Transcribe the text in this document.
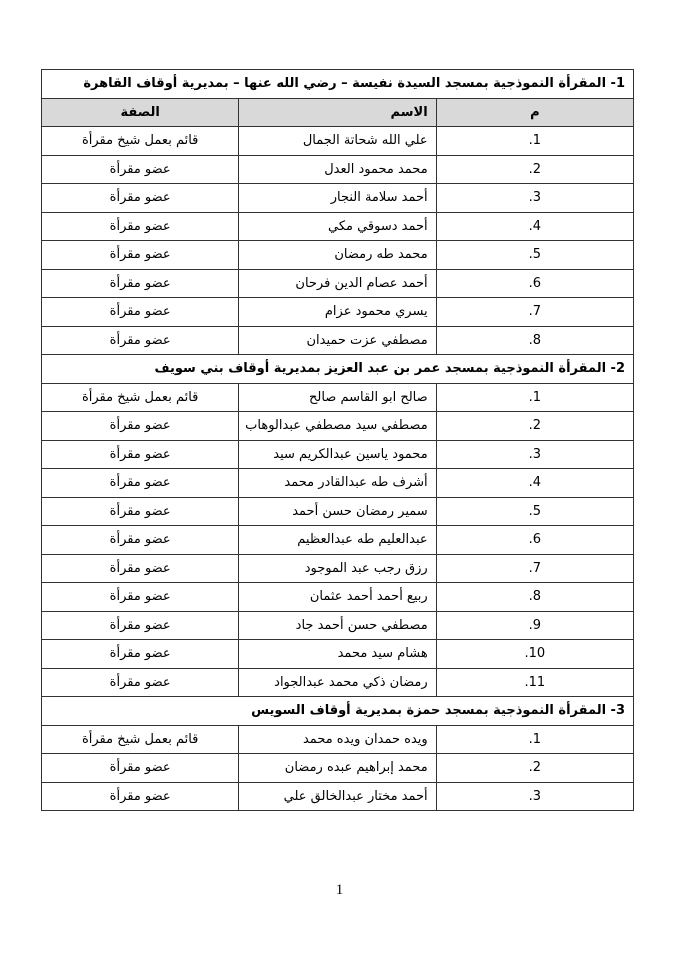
1- المقرأة النموذجية بمسجد السيدة نفيسة – رضي الله عنها – بمديرية أوقاف القاهرة		
م	الاسم	الصفة
1.	علي الله شحاتة الجمال	قائم بعمل شيخ مقرأة
2.	محمد محمود العدل	عضو مقرأة
3.	أحمد سلامة النجار	عضو مقرأة
4.	أحمد دسوقي مكي	عضو مقرأة
5.	محمد طه رمضان	عضو مقرأة
6.	أحمد عصام الدين فرحان	عضو مقرأة
7.	يسري محمود عزام	عضو مقرأة
8.	مصطفي عزت حميدان	عضو مقرأة
2- المقرأة النموذجية بمسجد عمر بن عبد العزيز بمديرية أوقاف بني سويف		
1.	صالح ابو القاسم صالح	قائم بعمل شيخ مقرأة
2.	مصطفي سيد مصطفي عبدالوهاب	عضو مقرأة
3.	محمود ياسين عبدالكريم سيد	عضو مقرأة
4.	أشرف طه عبدالقادر محمد	عضو مقرأة
5.	سمير رمضان حسن أحمد	عضو مقرأة
6.	عبدالعليم طه عبدالعظيم	عضو مقرأة
7.	رزق رجب عبد الموجود	عضو مقرأة
8.	ربيع أحمد أحمد عثمان	عضو مقرأة
9.	مصطفي حسن أحمد جاد	عضو مقرأة
10.	هشام سيد محمد	عضو مقرأة
11.	رمضان ذكي محمد عبدالجواد	عضو مقرأة
3- المقرأة النموذجية بمسجد حمزة بمديرية أوقاف السويس		
1.	ويده حمدان ويده محمد	قائم بعمل شيخ مقرأة
2.	محمد إبراهيم عبده رمضان	عضو مقرأة
3.	أحمد مختار عبدالخالق علي	عضو مقرأة
1
